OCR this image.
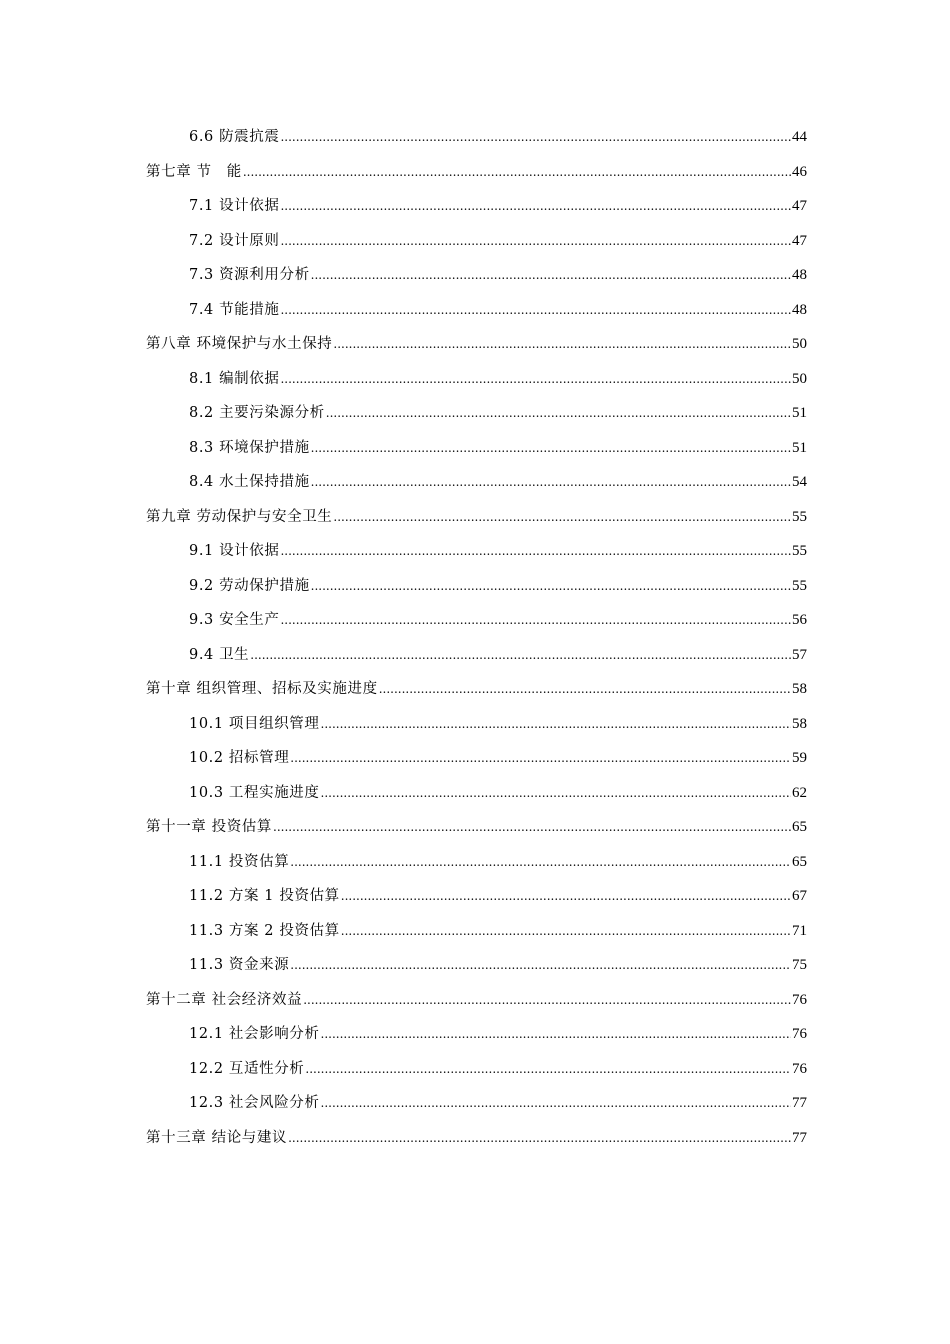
6.6 防震抗震 .....	44
第七章 节　能 .....	46
7.1 设计依据 .....	47
7.2 设计原则 .....	47
7.3 资源利用分析 .....	48
7.4 节能措施 .....	48
第八章 环境保护与水土保持 .....	50
8.1 编制依据 .....	50
8.2 主要污染源分析 .....	51
8.3 环境保护措施 .....	51
8.4 水土保持措施 .....	54
第九章 劳动保护与安全卫生 .....	55
9.1 设计依据 .....	55
9.2 劳动保护措施 .....	55
9.3 安全生产 .....	56
9.4 卫生 .....	57
第十章 组织管理、招标及实施进度 .....	58
10.1 项目组织管理 .....	58
10.2 招标管理 .....	59
10.3 工程实施进度 .....	62
第十一章 投资估算 .....	65
11.1 投资估算 .....	65
11.2 方案 1 投资估算 .....	67
11.3 方案 2 投资估算 .....	71
11.3 资金来源 .....	75
第十二章 社会经济效益 .....	76
12.1 社会影响分析 .....	76
12.2 互适性分析 .....	76
12.3 社会风险分析 .....	77
第十三章 结论与建议 .....	77
